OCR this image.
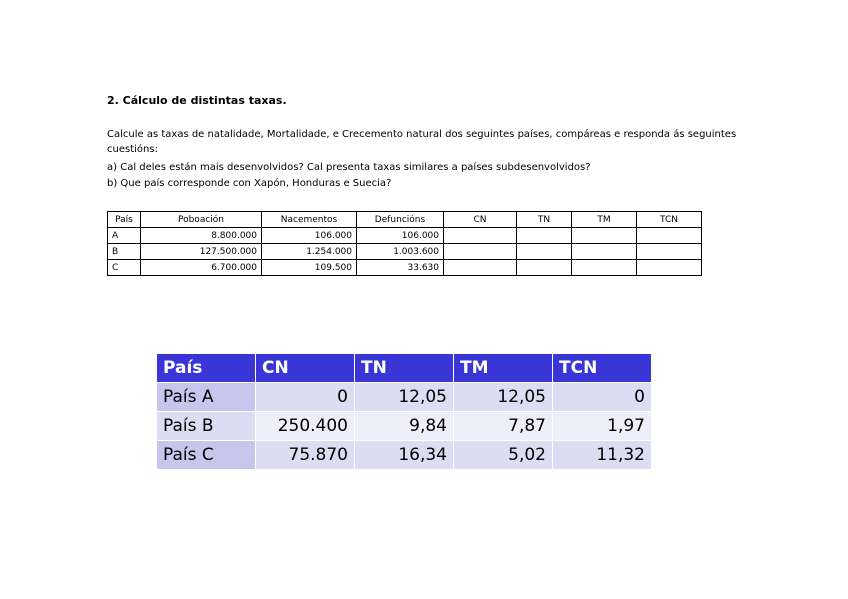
2. Cálculo de distintas taxas.

Calcule as taxas de natalidade, Mortalidade, e Crecemento natural dos seguintes países, compáreas e responda ás seguintes cuestións:

a) Cal deles están mais desenvolvidos? Cal presenta taxas similares a países subdesenvolvidos?

b) Que país corresponde con Xapón, Honduras e Suecia?

País	Poboación	Nacementos	Defuncións	CN	TN	TM	TCN
A	8.800.000	106.000	106.000				
B	127.500.000	1.254.000	1.003.600				
C	6.700.000	109.500	33.630				
País	CN	TN	TM	TCN
País A	0	12,05	12,05	0
País B	250.400	9,84	7,87	1,97
País C	75.870	16,34	5,02	11,32
